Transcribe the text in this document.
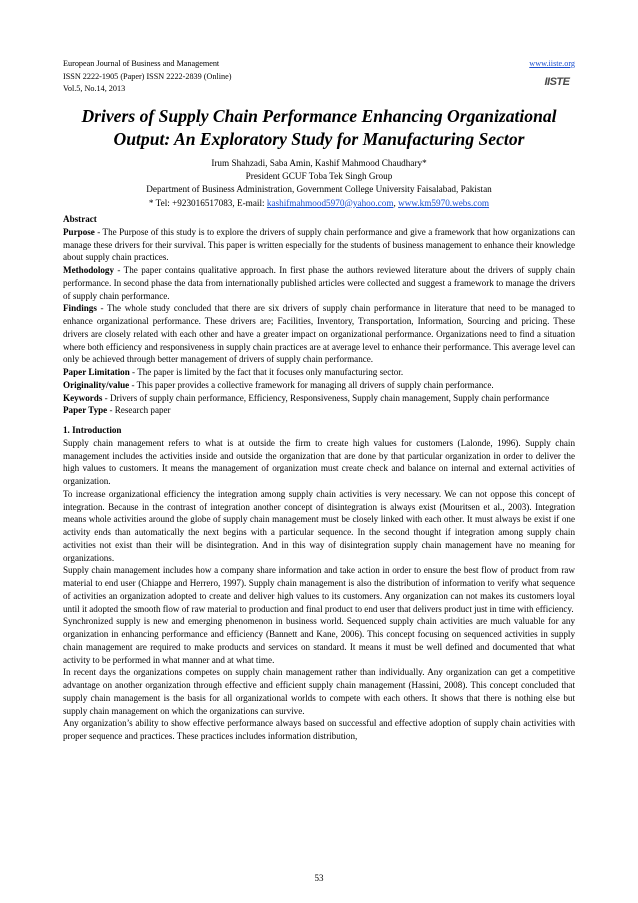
European Journal of Business and Management
ISSN 2222-1905 (Paper) ISSN 2222-2839 (Online)
Vol.5, No.14, 2013
www.iiste.org
IISTE
Drivers of Supply Chain Performance Enhancing Organizational
Output: An Exploratory Study for Manufacturing Sector
Irum Shahzadi, Saba Amin, Kashif Mahmood Chaudhary*
President GCUF Toba Tek Singh Group
Department of Business Administration, Government College University Faisalabad, Pakistan
* Tel: +923016517083, E-mail: kashifmahmood5970@yahoo.com, www.km5970.webs.com

Abstract

Purpose - The Purpose of this study is to explore the drivers of supply chain performance and give a framework that how organizations can manage these drivers for their survival. This paper is written especially for the students of business management to enhance their knowledge about supply chain practices.

Methodology - The paper contains qualitative approach. In first phase the authors reviewed literature about the drivers of supply chain performance. In second phase the data from internationally published articles were collected and suggest a framework to manage the drivers of supply chain performance.

Findings - The whole study concluded that there are six drivers of supply chain performance in literature that need to be managed to enhance organizational performance. These drivers are; Facilities, Inventory, Transportation, Information, Sourcing and pricing. These drivers are closely related with each other and have a greater impact on organizational performance. Organizations need to find a situation where both efficiency and responsiveness in supply chain practices are at average level to enhance their performance. This average level can only be achieved through better management of drivers of supply chain performance.

Paper Limitation - The paper is limited by the fact that it focuses only manufacturing sector.

Originality/value - This paper provides a collective framework for managing all drivers of supply chain performance.

Keywords - Drivers of supply chain performance, Efficiency, Responsiveness, Supply chain management, Supply chain performance

Paper Type - Research paper

1. Introduction

Supply chain management refers to what is at outside the firm to create high values for customers (Lalonde, 1996). Supply chain management includes the activities inside and outside the organization that are done by that particular organization in order to deliver the high values to customers. It means the management of organization must create check and balance on internal and external activities of organization.

To increase organizational efficiency the integration among supply chain activities is very necessary. We can not oppose this concept of integration. Because in the contrast of integration another concept of disintegration is always exist (Mouritsen et al., 2003). Integration means whole activities around the globe of supply chain management must be closely linked with each other. It must always be exist if one activity ends than automatically the next begins with a particular sequence. In the second thought if integration among supply chain activities not exist than their will be disintegration. And in this way of disintegration supply chain management have no meaning for organizations.

Supply chain management includes how a company share information and take action in order to ensure the best flow of product from raw material to end user (Chiappe and Herrero, 1997). Supply chain management is also the distribution of information to verify what sequence of activities an organization adopted to create and deliver high values to its customers. Any organization can not makes its customers loyal until it adopted the smooth flow of raw material to production and final product to end user that delivers product just in time with efficiency.

Synchronized supply is new and emerging phenomenon in business world. Sequenced supply chain activities are much valuable for any organization in enhancing performance and efficiency (Bannett and Kane, 2006). This concept focusing on sequenced activities in supply chain management are required to make products and services on standard. It means it must be well defined and documented that what activity to be performed in what manner and at what time.

In recent days the organizations competes on supply chain management rather than individually. Any organization can get a competitive advantage on another organization through effective and efficient supply chain management (Hassini, 2008). This concept concluded that supply chain management is the basis for all organizational worlds to compete with each others. It shows that there is nothing else but supply chain management on which the organizations can survive.

Any organization’s ability to show effective performance always based on successful and effective adoption of supply chain activities with proper sequence and practices. These practices includes information distribution,

53
